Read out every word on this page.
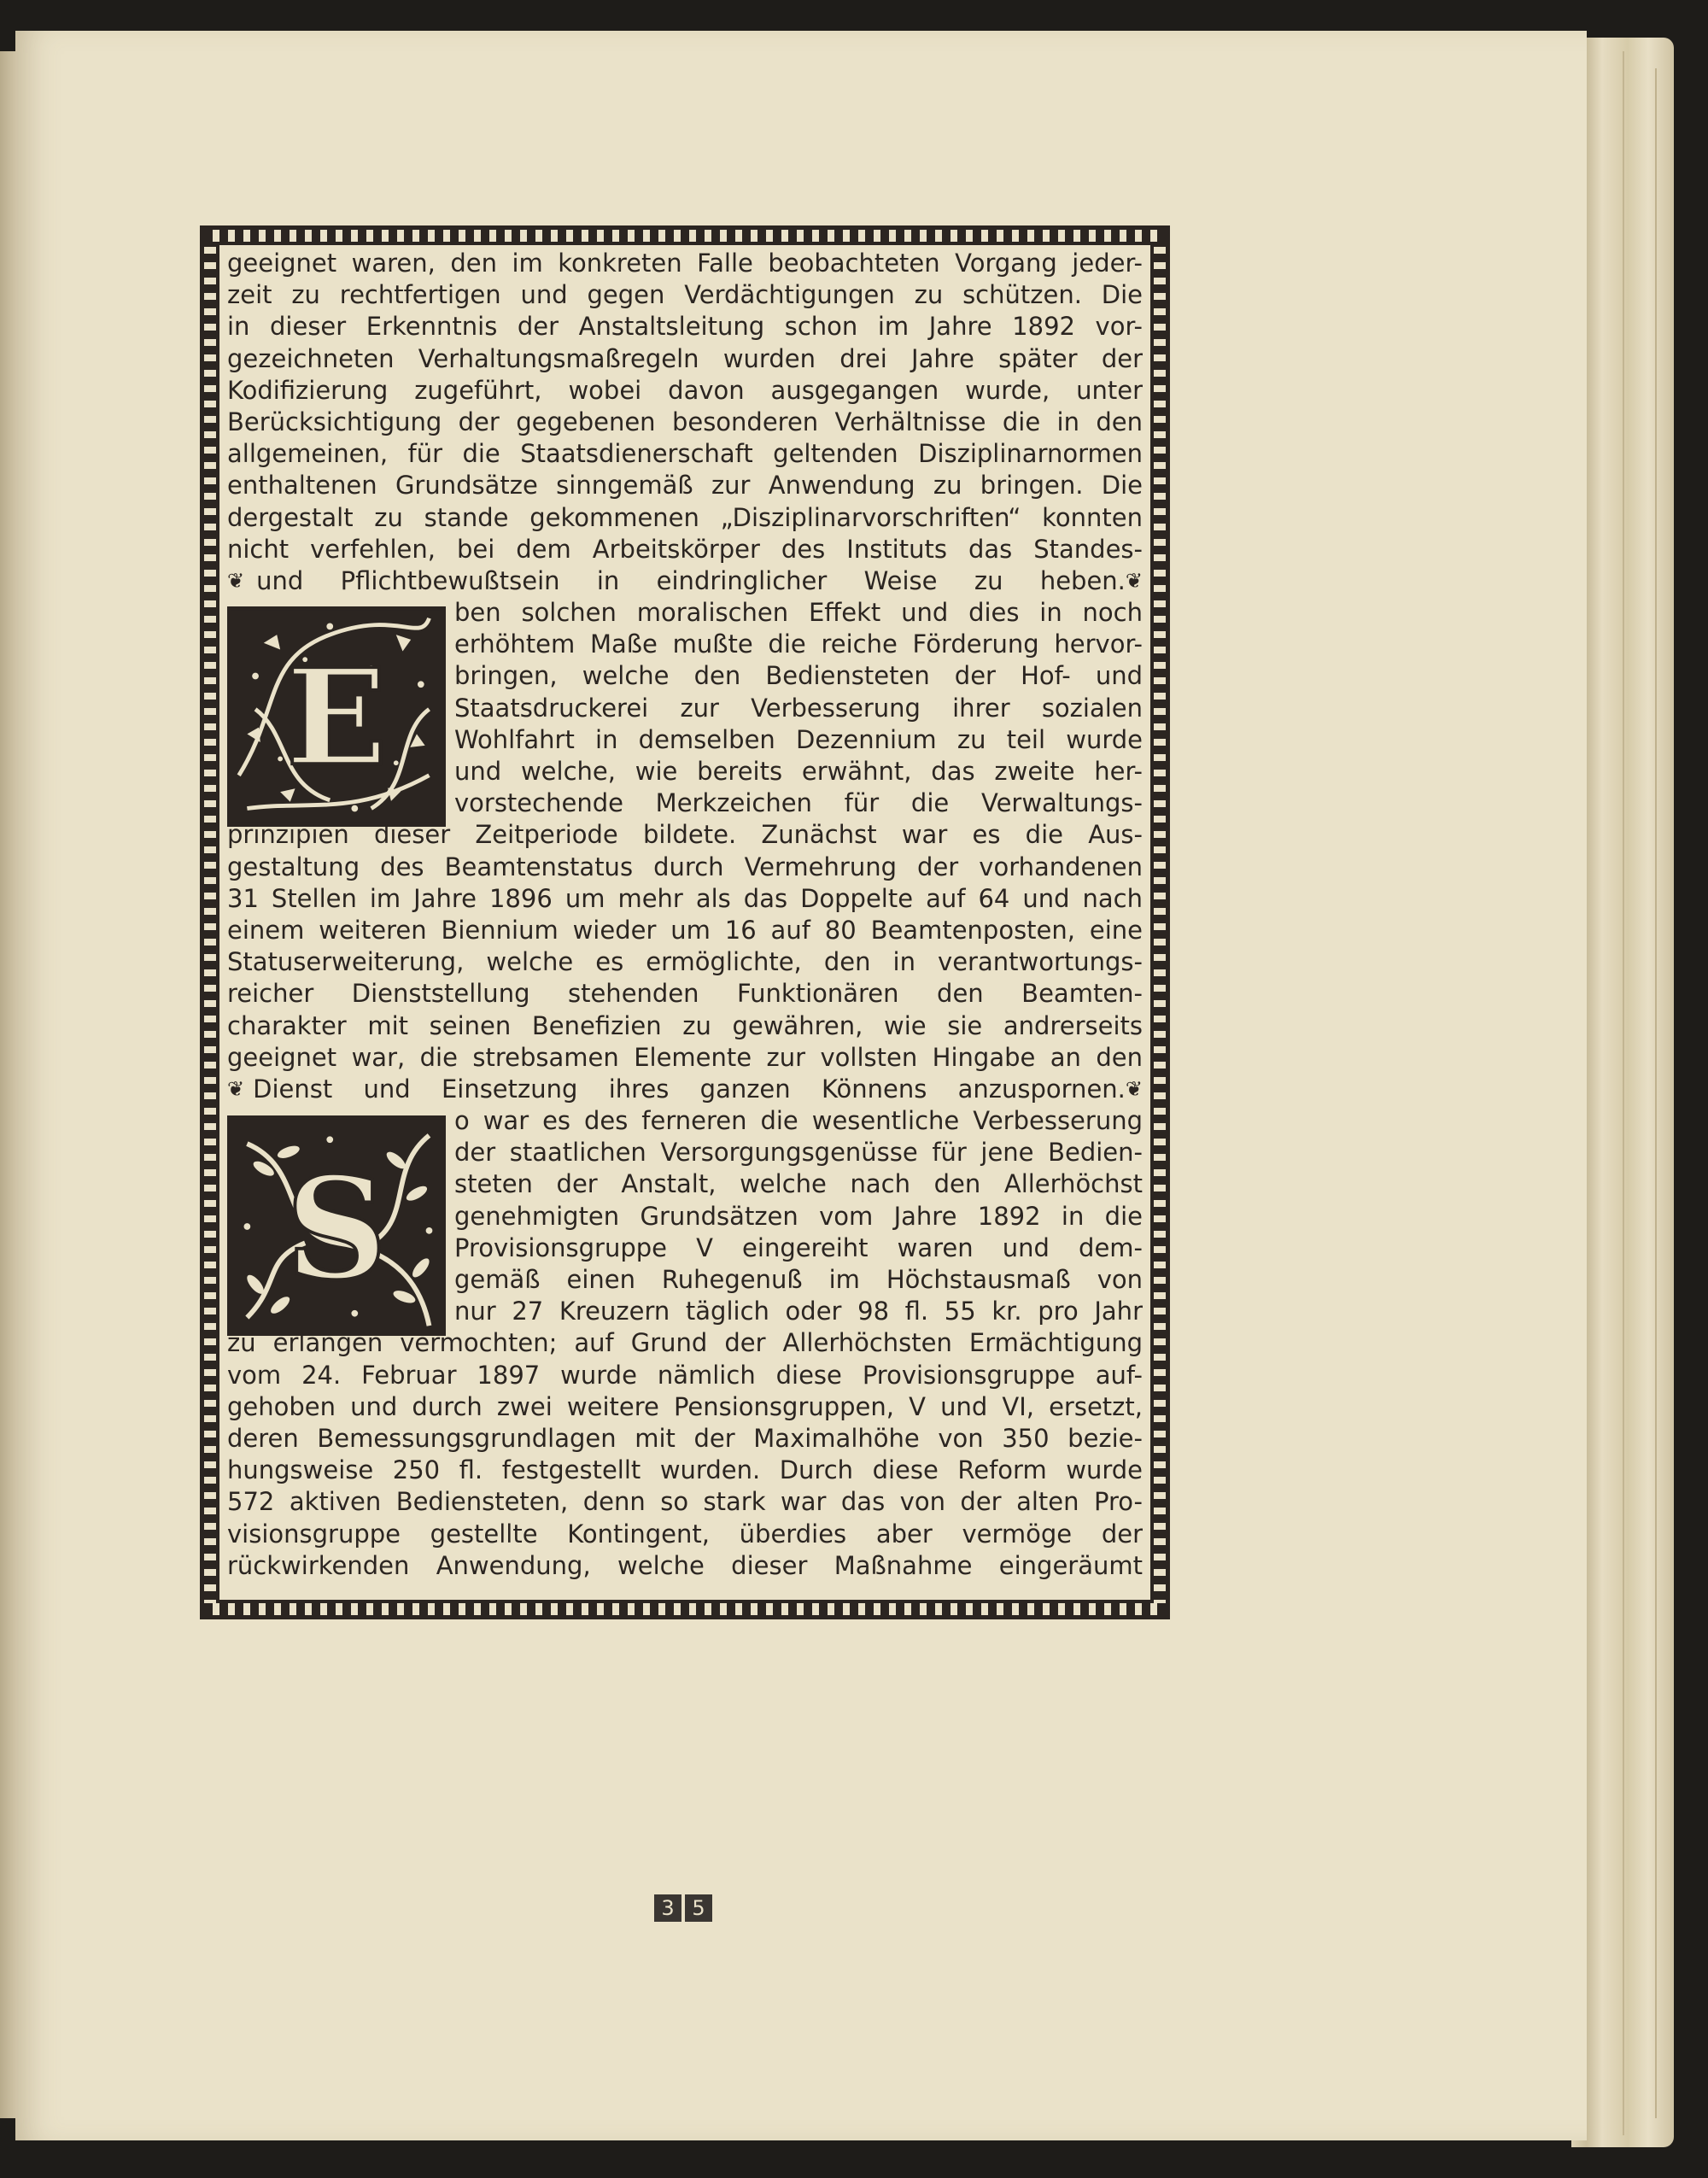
E
S
geeignet waren, den im konkreten Falle beobachteten Vorgang jeder-
zeit zu rechtfertigen und gegen Verdächtigungen zu schützen. Die
in dieser Erkenntnis der Anstaltsleitung schon im Jahre 1892 vor-
gezeichneten Verhaltungsmaßregeln wurden drei Jahre später der
Kodifizierung zugeführt, wobei davon ausgegangen wurde, unter
Berücksichtigung der gegebenen besonderen Verhältnisse die in den
allgemeinen, für die Staatsdienerschaft geltenden Disziplinarnormen
enthaltenen Grundsätze sinngemäß zur Anwendung zu bringen. Die
dergestalt zu stande gekommenen „Disziplinarvorschriften“ konnten
nicht verfehlen, bei dem Arbeitskörper des Instituts das Standes-
❦ und Pflichtbewußtsein in eindringlicher Weise zu heben. ❦
ben solchen moralischen Effekt und dies in noch
erhöhtem Maße mußte die reiche Förderung hervor-
bringen, welche den Bediensteten der Hof- und
Staatsdruckerei zur Verbesserung ihrer sozialen
Wohlfahrt in demselben Dezennium zu teil wurde
und welche, wie bereits erwähnt, das zweite her-
vorstechende Merkzeichen für die Verwaltungs-
prinzipien dieser Zeitperiode bildete. Zunächst war es die Aus-
gestaltung des Beamtenstatus durch Vermehrung der vorhandenen
31 Stellen im Jahre 1896 um mehr als das Doppelte auf 64 und nach
einem weiteren Biennium wieder um 16 auf 80 Beamtenposten, eine
Statuserweiterung, welche es ermöglichte, den in verantwortungs-
reicher Dienststellung stehenden Funktionären den Beamten-
charakter mit seinen Benefizien zu gewähren, wie sie andrerseits
geeignet war, die strebsamen Elemente zur vollsten Hingabe an den
❦ Dienst und Einsetzung ihres ganzen Könnens anzuspornen. ❦
o war es des ferneren die wesentliche Verbesserung
der staatlichen Versorgungsgenüsse für jene Bedien-
steten der Anstalt, welche nach den Allerhöchst
genehmigten Grundsätzen vom Jahre 1892 in die
Provisionsgruppe V eingereiht waren und dem-
gemäß einen Ruhegenuß im Höchstausmaß von
nur 27 Kreuzern täglich oder 98 fl. 55 kr. pro Jahr
zu erlangen vermochten; auf Grund der Allerhöchsten Ermächtigung
vom 24. Februar 1897 wurde nämlich diese Provisionsgruppe auf-
gehoben und durch zwei weitere Pensionsgruppen, V und VI, ersetzt,
deren Bemessungsgrundlagen mit der Maximalhöhe von 350 bezie-
hungsweise 250 fl. festgestellt wurden. Durch diese Reform wurde
572 aktiven Bediensteten, denn so stark war das von der alten Pro-
visionsgruppe gestellte Kontingent, überdies aber vermöge der
rückwirkenden Anwendung, welche dieser Maßnahme eingeräumt
3 5
